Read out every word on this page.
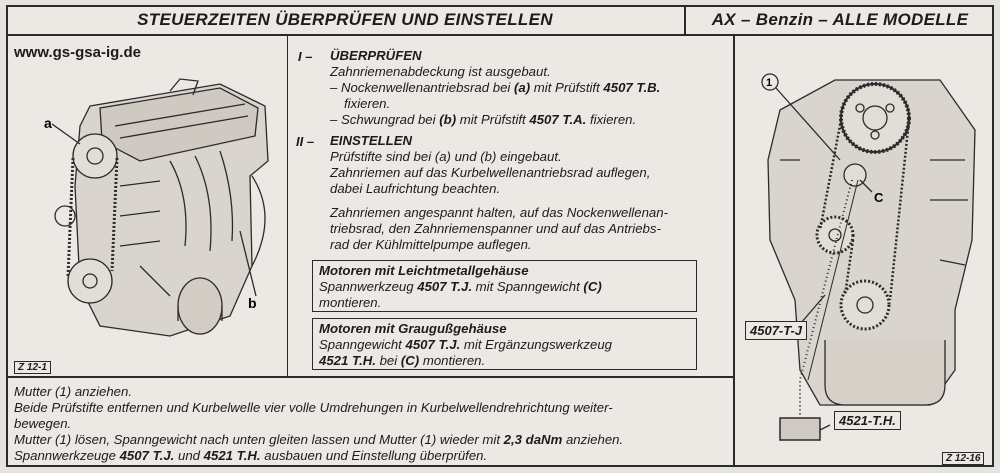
STEUERZEITEN ÜBERPRÜFEN UND EINSTELLEN	AX – Benzin – ALLE MODELLE
www.gs-gsa-ig.de
a
b
Z 12-1
I – ÜBERPRÜFEN
Zahnriemenabdeckung ist ausgebaut.
– Nockenwellenantriebsrad bei (a) mit Prüfstift 4507 T.B.
fixieren.
– Schwungrad bei (b) mit Prüfstift 4507 T.A. fixieren.
II – EINSTELLEN
Prüfstifte sind bei (a) und (b) eingebaut.
Zahnriemen auf das Kurbelwellenantriebsrad auflegen,
dabei Laufrichtung beachten.
Zahnriemen angespannt halten, auf das Nockenwellenan-
triebsrad, den Zahnriemenspanner und auf das Antriebs-
rad der Kühlmittelpumpe auflegen.
Motoren mit Leichtmetallgehäuse
Spannwerkzeug 4507 T.J. mit Spanngewicht (C)
montieren.
Motoren mit Graugußgehäuse
Spanngewicht 4507 T.J. mit Ergänzungswerkzeug
4521 T.H. bei (C) montieren.
Mutter (1) anziehen.
Beide Prüfstifte entfernen und Kurbelwelle vier volle Umdrehungen in Kurbelwellendrehrichtung weiter-
bewegen.
Mutter (1) lösen, Spanngewicht nach unten gleiten lassen und Mutter (1) wieder mit 2,3 daNm anziehen.
Spannwerkzeuge 4507 T.J. und 4521 T.H. ausbauen und Einstellung überprüfen.
1
C
4507-T-J
4521-T.H.
Z 12-16
